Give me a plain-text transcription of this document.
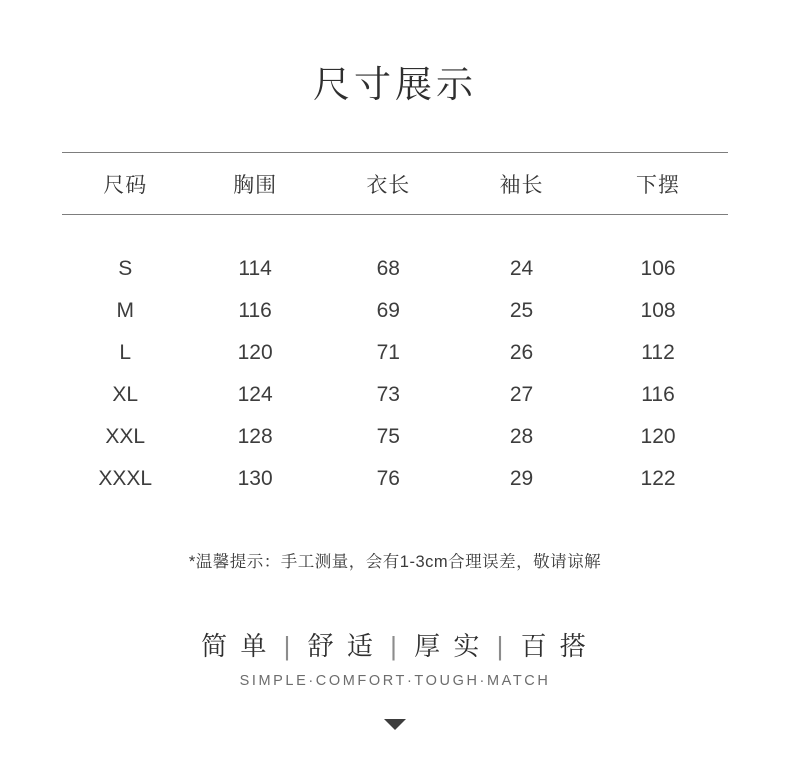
尺寸展示
尺码	胸围	衣长	袖长	下摆
S	114	68	24	106
M	116	69	25	108
L	120	71	26	112
XL	124	73	27	116
XXL	128	75	28	120
XXXL	130	76	29	122
*温馨提示：手工测量，会有1-3cm合理误差，敬请谅解
简 单 | 舒 适 | 厚 实 | 百 搭
SIMPLE·COMFORT·TOUGH·MATCH
